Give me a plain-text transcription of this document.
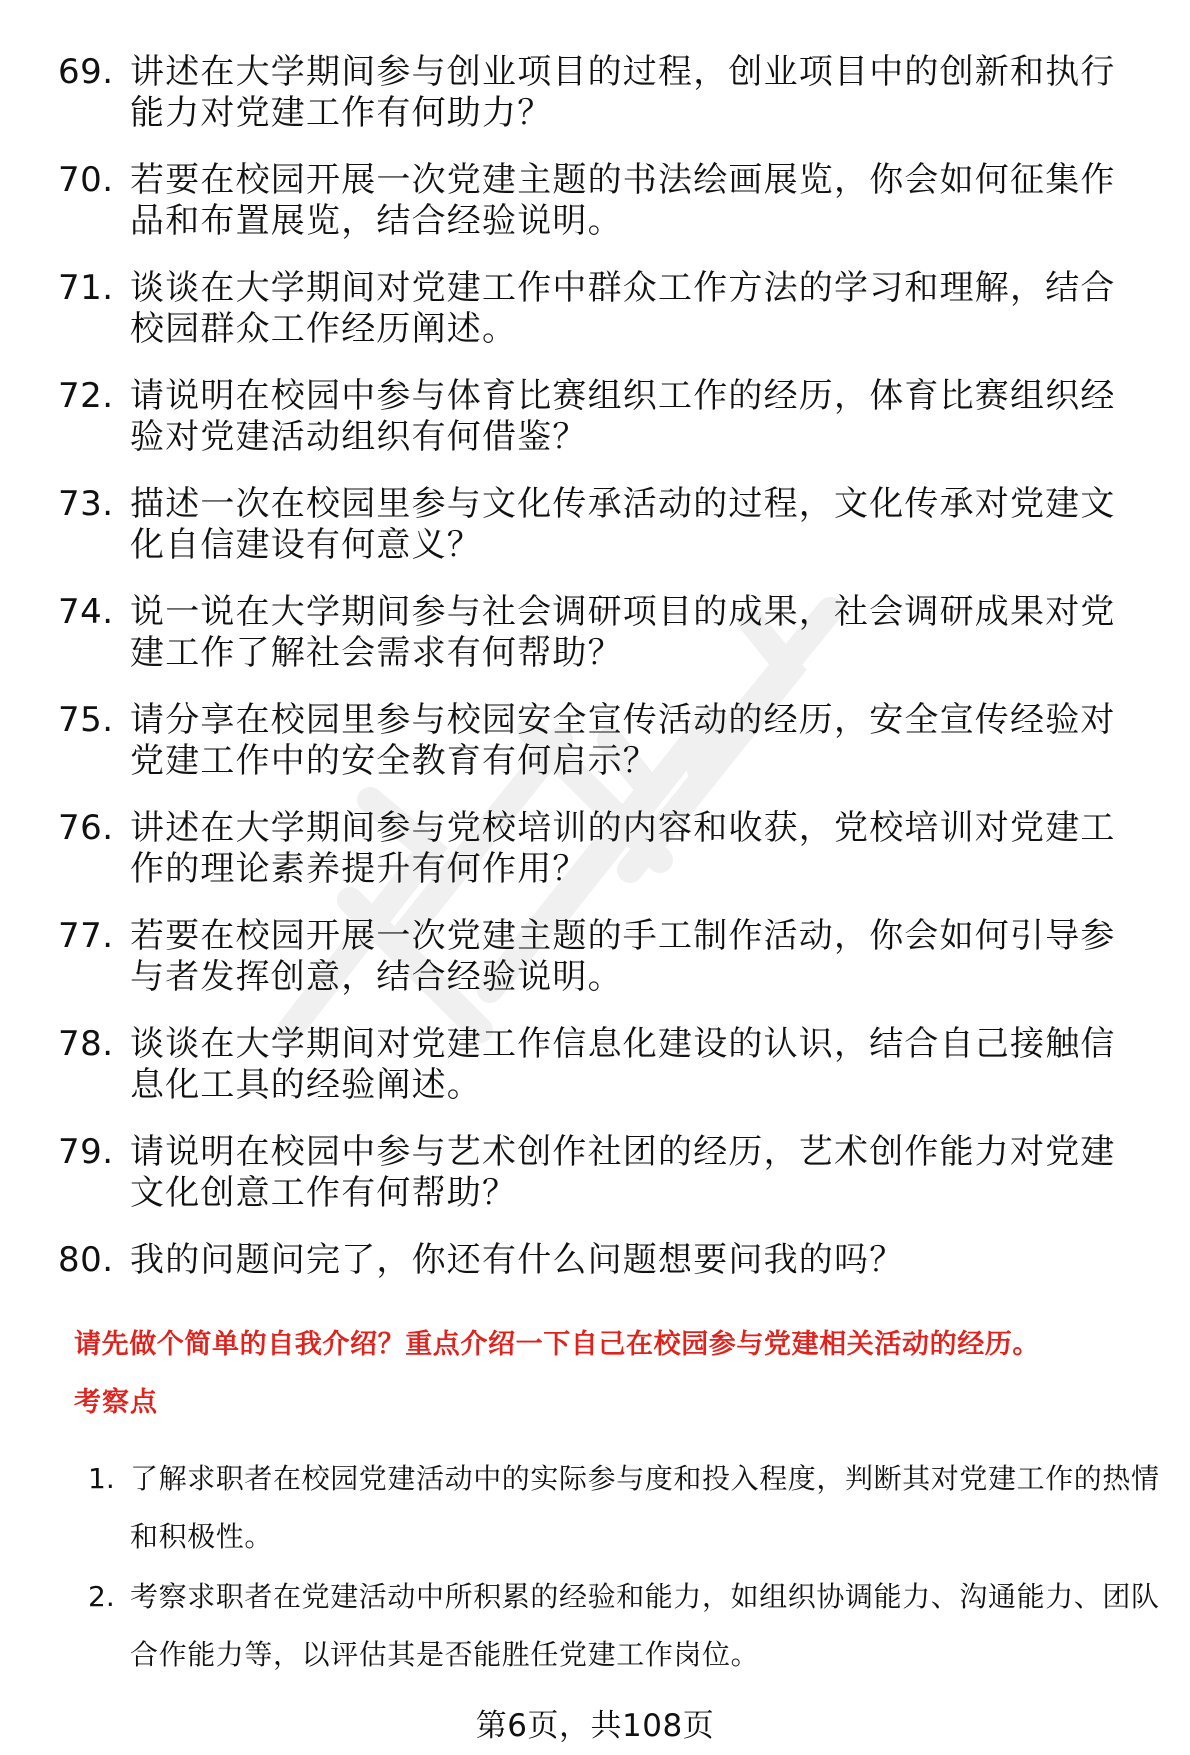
69. 讲述在大学期间参与创业项目的过程，创业项目中的创新和执行能力对党建工作有何助力？
70. 若要在校园开展一次党建主题的书法绘画展览，你会如何征集作品和布置展览，结合经验说明。
71. 谈谈在大学期间对党建工作中群众工作方法的学习和理解，结合校园群众工作经历阐述。
72. 请说明在校园中参与体育比赛组织工作的经历，体育比赛组织经验对党建活动组织有何借鉴？
73. 描述一次在校园里参与文化传承活动的过程，文化传承对党建文化自信建设有何意义？
74. 说一说在大学期间参与社会调研项目的成果，社会调研成果对党建工作了解社会需求有何帮助？
75. 请分享在校园里参与校园安全宣传活动的经历，安全宣传经验对党建工作中的安全教育有何启示？
76. 讲述在大学期间参与党校培训的内容和收获，党校培训对党建工作的理论素养提升有何作用？
77. 若要在校园开展一次党建主题的手工制作活动，你会如何引导参与者发挥创意，结合经验说明。
78. 谈谈在大学期间对党建工作信息化建设的认识，结合自己接触信息化工具的经验阐述。
79. 请说明在校园中参与艺术创作社团的经历，艺术创作能力对党建文化创意工作有何帮助？
80. 我的问题问完了，你还有什么问题想要问我的吗？
请先做个简单的自我介绍？重点介绍一下自己在校园参与党建相关活动的经历。
考察点
1. 了解求职者在校园党建活动中的实际参与度和投入程度，判断其对党建工作的热情和积极性。
2. 考察求职者在党建活动中所积累的经验和能力，如组织协调能力、沟通能力、团队合作能力等，以评估其是否能胜任党建工作岗位。
第6页，共108页
